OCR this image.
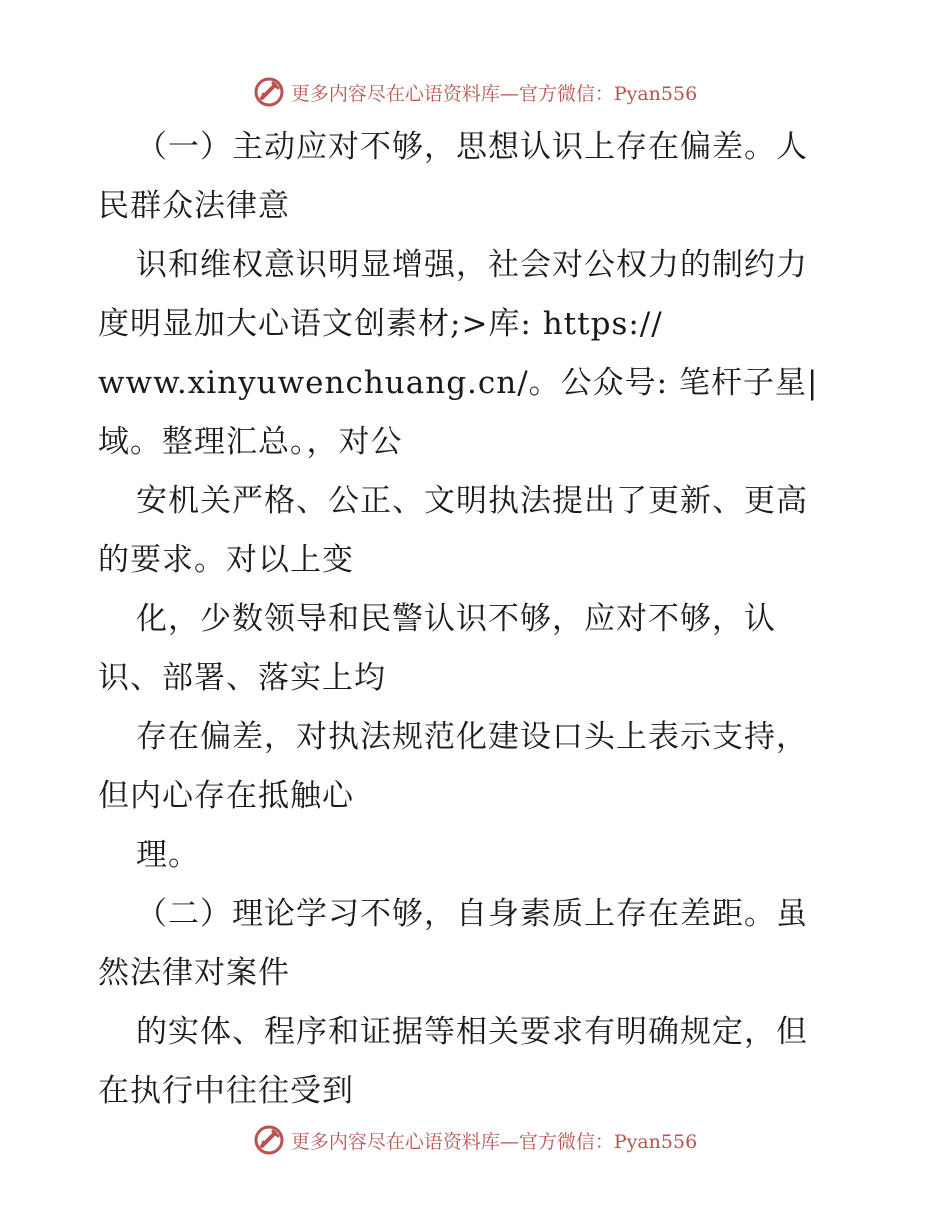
更多内容尽在心语资料库—官方微信：Pyan556
（一）主动应对不够，思想认识上存在偏差。人
民群众法律意
识和维权意识明显增强，社会对公权力的制约力
度明显加大心语文创素材;>库: https://
www.xinyuwenchuang.cn/。公众号: 笔杆子星|
域。整理汇总。，对公
安机关严格、公正、文明执法提出了更新、更高
的要求。对以上变
化，少数领导和民警认识不够，应对不够，认
识、部署、落实上均
存在偏差，对执法规范化建设口头上表示支持，
但内心存在抵触心
理。
（二）理论学习不够，自身素质上存在差距。虽
然法律对案件
的实体、程序和证据等相关要求有明确规定，但
在执行中往往受到
更多内容尽在心语资料库—官方微信：Pyan556
